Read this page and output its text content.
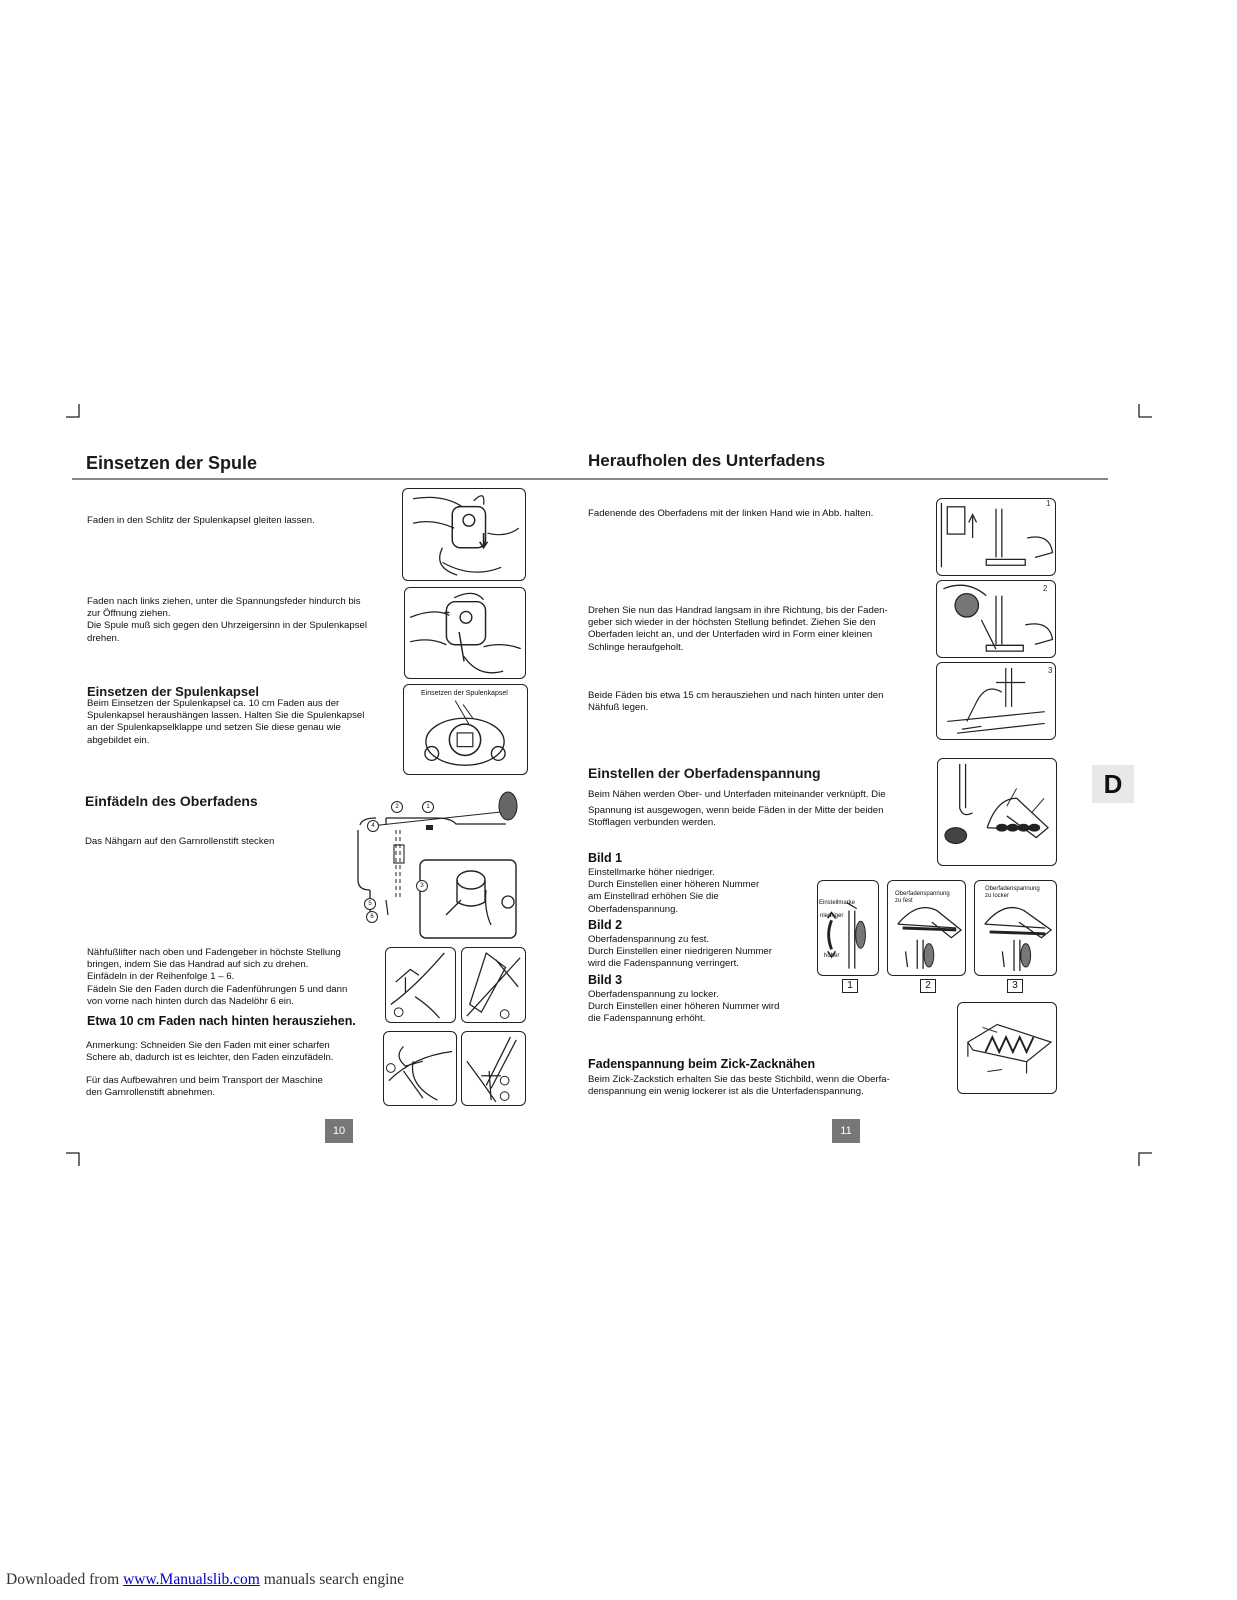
Einsetzen der Spule
Faden in den Schlitz der Spulenkapsel gleiten lassen.
Faden nach links ziehen, unter die Spannungsfeder hindurch bis
zur Öffnung ziehen.
Die Spule muß sich gegen den Uhrzeigersinn in der Spulenkapsel
drehen.
Einsetzen der Spulenkapsel
Beim Einsetzen der Spulenkapsel ca. 10 cm Faden aus der
Spulenkapsel heraushängen lassen. Halten Sie die Spulenkapsel
an der Spulenkapselklappe und setzen Sie diese genau wie
abgebildet ein.
Einsetzen der Spulenkapsel
Einfädeln des Oberfadens
Das Nähgarn auf den Garnrollenstift stecken
2	1
4
3
5
6
Nähfußlifter nach oben und Fadengeber in höchste Stellung
bringen, indem Sie das Handrad auf sich zu drehen.
Einfädeln in der Reihenfolge 1 – 6.
Fädeln Sie den Faden durch die Fadenführungen 5 und dann
von vorne nach hinten durch das Nadelöhr 6 ein.
Etwa 10 cm Faden nach hinten herausziehen.
Anmerkung: Schneiden Sie den Faden mit einer scharfen
Schere ab, dadurch ist es leichter, den Faden einzufädeln.
Für das Aufbewahren und beim Transport der Maschine
den Garnrollenstift abnehmen.
10
Heraufholen des Unterfadens
Fadenende des Oberfadens mit der linken Hand wie in Abb. halten.
1
Drehen Sie nun das Handrad langsam in ihre Richtung, bis der Faden-
geber sich wieder in der höchsten Stellung befindet. Ziehen Sie den
Oberfaden leicht an, und der Unterfaden wird in Form einer kleinen
Schlinge heraufgeholt.
2
Beide Fäden bis etwa 15 cm herausziehen und nach hinten unter den
Nähfuß legen.
3
D
Einstellen der Oberfadenspannung
Beim Nähen werden Ober- und Unterfaden miteinander verknüpft. Die
Spannung ist ausgewogen, wenn beide Fäden in der Mitte der beiden
Stofflagen verbunden werden.
Bild 1
Einstellmarke höher niedriger.
Durch Einstellen einer höheren Nummer
am Einstellrad erhöhen Sie die
Oberfadenspannung.
Bild 2
Oberfadenspannung zu fest.
Durch Einstellen einer niedrigeren Nummer
wird die Fadenspannung verringert.
Bild 3
Oberfadenspannung zu locker.
Durch Einstellen einer höheren Nummer wird
die Fadenspannung erhöht.
Einstellmarke
niedriger
höher
Oberfadenspannung
zu fest
Oberfadenspannung
zu locker
1	2	3
Fadenspannung beim Zick-Zacknähen
Beim Zick-Zackstich erhalten Sie das beste Stichbild, wenn die Oberfa-
denspannung ein wenig lockerer ist als die Unterfadenspannung.
11
Downloaded from www.Manualslib.com manuals search engine
